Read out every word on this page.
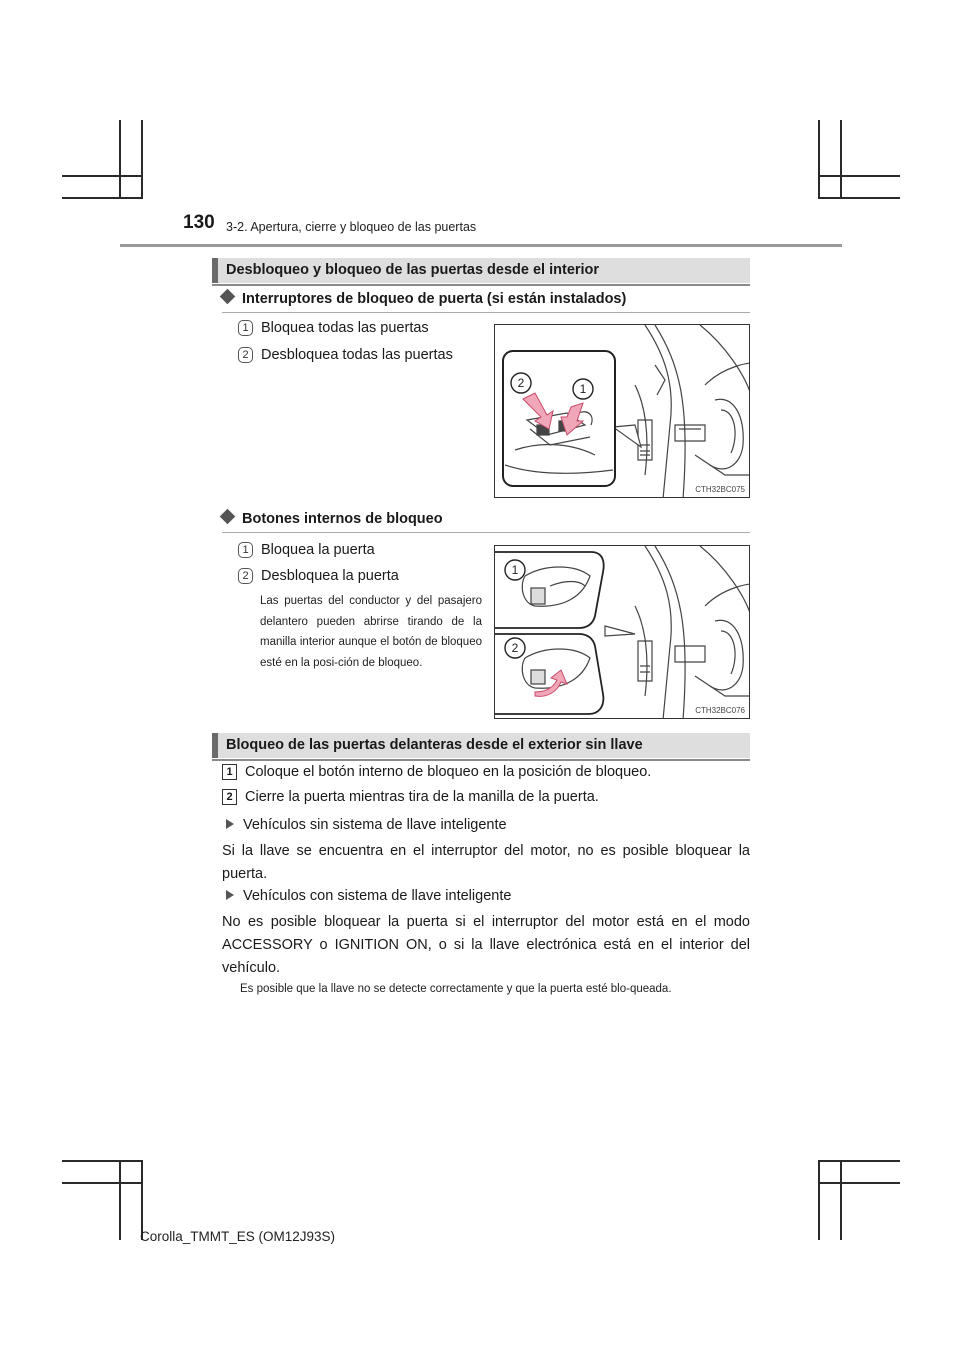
130 3-2. Apertura, cierre y bloqueo de las puertas
Desbloqueo y bloqueo de las puertas desde el interior
Interruptores de bloqueo de puerta (si están instalados)
1 Bloquea todas las puertas
2 Desbloquea todas las puertas
2	1
CTH32BC075
Botones internos de bloqueo
1 Bloquea la puerta
2 Desbloquea la puerta
Las puertas del conductor y del pasajero delantero pueden abrirse tirando de la manilla interior aunque el botón de bloqueo esté en la posi-ción de bloqueo.
1
2
CTH32BC076
Bloqueo de las puertas delanteras desde el exterior sin llave
1 Coloque el botón interno de bloqueo en la posición de bloqueo.
2 Cierre la puerta mientras tira de la manilla de la puerta.
Vehículos sin sistema de llave inteligente
Si la llave se encuentra en el interruptor del motor, no es posible bloquear la puerta.
Vehículos con sistema de llave inteligente
No es posible bloquear la puerta si el interruptor del motor está en el modo ACCESSORY o IGNITION ON, o si la llave electrónica está en el interior del vehículo.
Es posible que la llave no se detecte correctamente y que la puerta esté blo-queada.
Corolla_TMMT_ES (OM12J93S)
